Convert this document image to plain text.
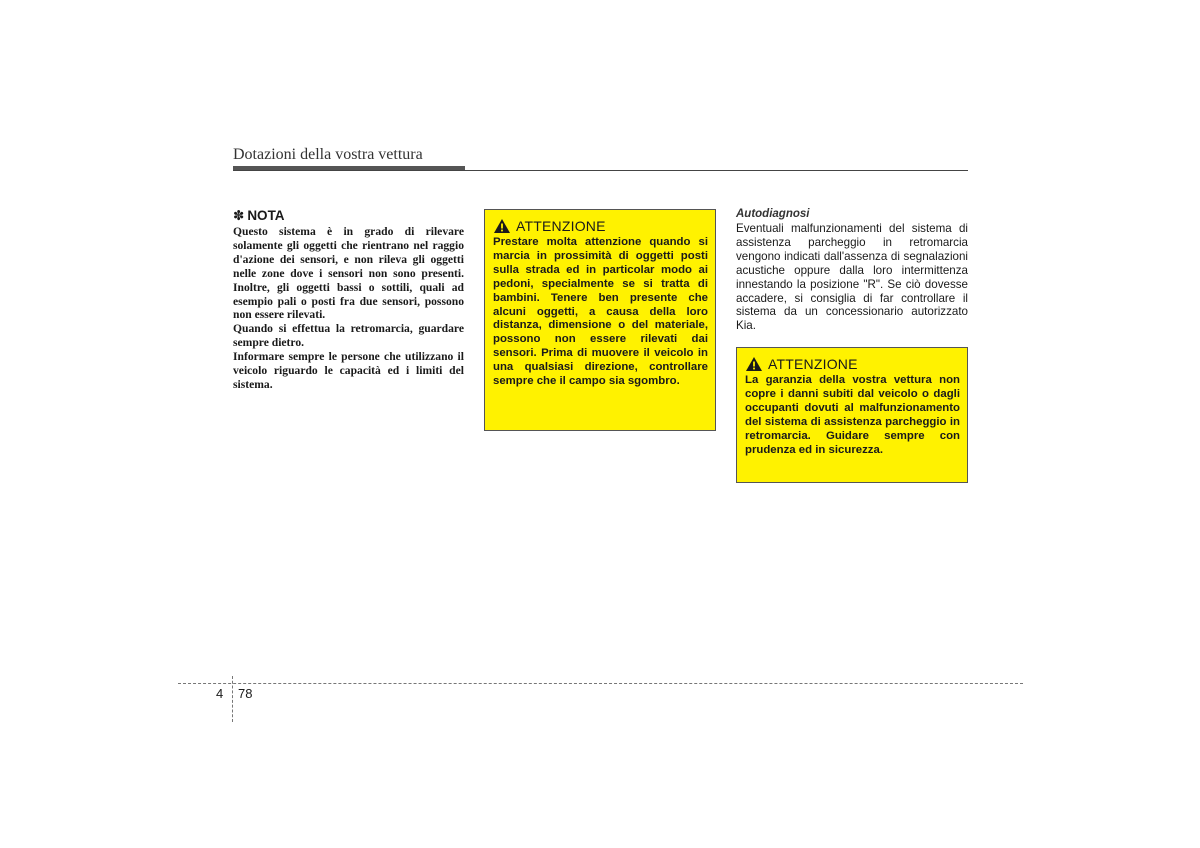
Dotazioni della vostra vettura
✽ NOTA

Questo sistema è in grado di rilevare solamente gli oggetti che rientrano nel raggio d'azione dei sensori, e non rileva gli oggetti nelle zone dove i sensori non sono presenti. Inoltre, gli oggetti bassi o sottili, quali ad esempio pali o posti fra due sensori, possono non essere rilevati.

Quando si effettua la retromarcia, guardare sempre dietro.

Informare sempre le persone che utilizzano il veicolo riguardo le capacità ed i limiti del sistema.

ATTENZIONE

Prestare molta attenzione quando si marcia in prossimità di oggetti posti sulla strada ed in particolar modo ai pedoni, specialmente se si tratta di bambini. Tenere ben presente che alcuni oggetti, a causa della loro distanza, dimensione o del materiale, possono non essere rilevati dai sensori. Prima di muovere il veicolo in una qualsiasi direzione, controllare sempre che il campo sia sgombro.

Autodiagnosi

Eventuali malfunzionamenti del sistema di assistenza parcheggio in retromarcia vengono indicati dall'assenza di segnalazioni acustiche oppure dalla loro intermittenza innestando la posizione "R". Se ciò dovesse accadere, si consiglia di far controllare il sistema da un concessionario autorizzato Kia.

ATTENZIONE

La garanzia della vostra vettura non copre i danni subiti dal veicolo o dagli occupanti dovuti al malfunzionamento del sistema di assistenza parcheggio in retromarcia. Guidare sempre con prudenza ed in sicurezza.

4 78
